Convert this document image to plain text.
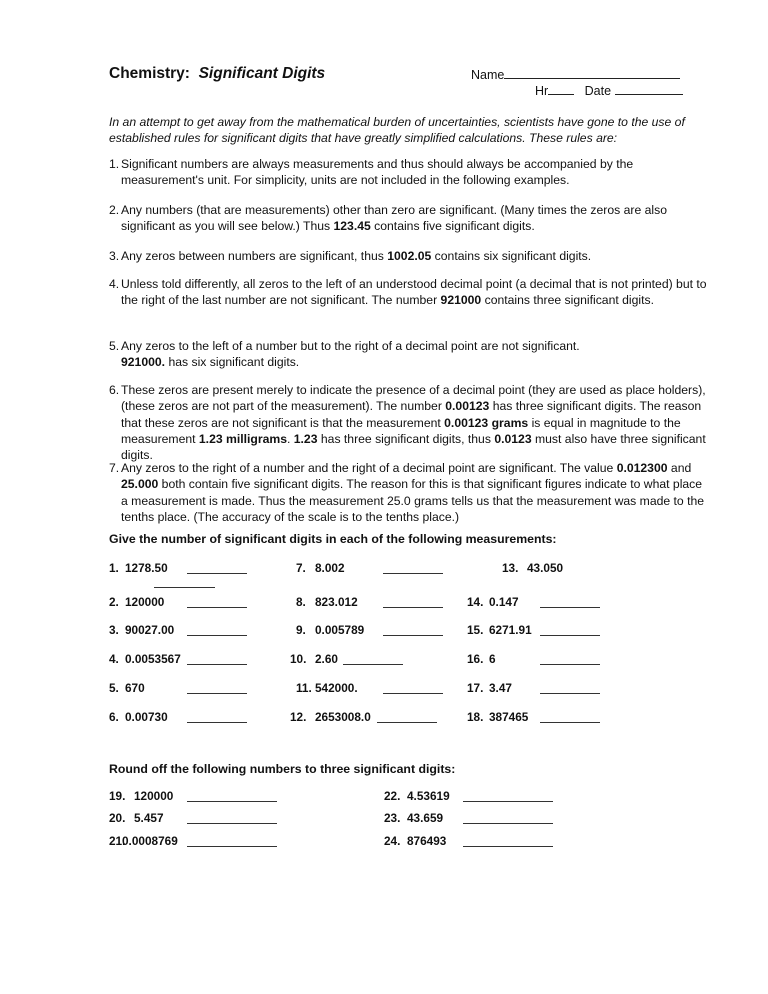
Chemistry: Significant Digits	Name
Hr	Date
In an attempt to get away from the mathematical burden of uncertainties, scientists have gone to the use of established rules for significant digits that have greatly simplified calculations. These rules are:
1. Significant numbers are always measurements and thus should always be accompanied by the measurement's unit. For simplicity, units are not included in the following examples.
2. Any numbers (that are measurements) other than zero are significant. (Many times the zeros are also significant as you will see below.) Thus 123.45 contains five significant digits.
3. Any zeros between numbers are significant, thus 1002.05 contains six significant digits.
4. Unless told differently, all zeros to the left of an understood decimal point (a decimal that is not printed) but to the right of the last number are not significant. The number 921000 contains three significant digits.
5. Any zeros to the left of a number but to the right of a decimal point are not significant.
921000. has six significant digits.
6. These zeros are present merely to indicate the presence of a decimal point (they are used as place holders), (these zeros are not part of the measurement). The number 0.00123 has three significant digits. The reason that these zeros are not significant is that the measurement 0.00123 grams is equal in magnitude to the measurement 1.23 milligrams. 1.23 has three significant digits, thus 0.0123 must also have three significant digits.
7. Any zeros to the right of a number and the right of a decimal point are significant. The value 0.012300 and 25.000 both contain five significant digits. The reason for this is that significant figures indicate to what place a measurement is made. Thus the measurement 25.0 grams tells us that the measurement was made to the tenths place. (The accuracy of the scale is to the tenths place.)
Give the number of significant digits in each of the following measurements:
1. 1278.50
2. 120000
3. 90027.00
4. 0.0053567
5. 670
6. 0.00730
7. 8.002
8. 823.012
9. 0.005789
10. 2.60
11. 542000.
12. 2653008.0
13. 43.050
14. 0.147
15. 6271.91
16. 6
17. 3.47
18. 387465
Round off the following numbers to three significant digits:
19. 120000
20. 5.457
21.
0.0008769
22. 4.53619
23. 43.659
24. 876493
